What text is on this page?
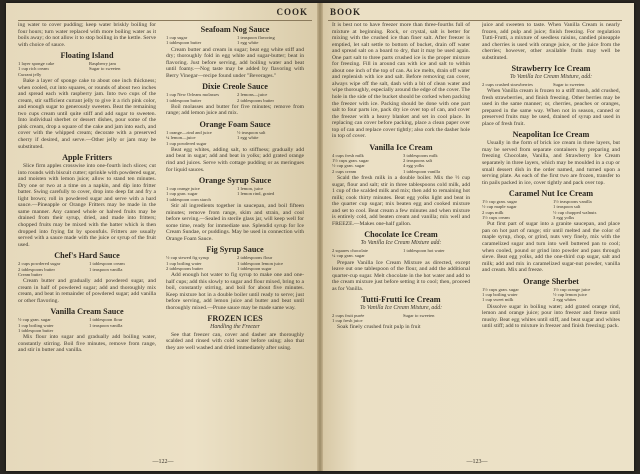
COOK

ing water to cover pudding; keep water briskly boiling for four hours; turn water replaced with more boiling water as it boils away; do not allow it to stop boiling in the kettle. Serve with choice of sauce.

Floating Island
1 layer sponge cake	Raspberry jam
1 cup rich cream	Sugar to sweeten
Currant jelly

Bake a layer of sponge cake to about one inch thickness; when cooled, cut into squares, or rounds of about two inches and spread each with raspberry jam. Into two cups of the cream, stir sufficient currant jelly to give it a rich pink color, and enough sugar to generously sweeten. Beat the remaining two cups cream until quite stiff and add sugar to sweeten. Into individual sherbet or dessert dishes, pour some of the pink cream, drop a square of the cake and jam into each, and cover with the whipped cream; decorate with a preserved cherry if desired, and serve.—Other jelly or jam may be substituted.

Apple Fritters

Slice firm apples crosswise into one-fourth inch slices; cut into rounds with biscuit cutter; sprinkle with powdered sugar, and moisten with lemon juice; allow to stand ten minutes. Dry one or two at a time on a napkin, and dip into fritter batter. Swing carefully to cover, drop into deep fat and fry a light brown; roll in powdered sugar and serve with a hard sauce.—Pineapple or Orange Fritters may be made in the same manner. Any canned whole or halved fruits may be drained from their syrup, dried, and made into fritters; chopped fruits may be mixed with the batter which is then dropped into frying fat by spoonfuls. Fritters are usually served with a sauce made with the juice or syrup of the fruit used.

Chef's Hard Sauce
2 cups powdered sugar	1 tablespoon cream
2 tablespoons butter	1 teaspoon vanilla
Cream butter

Cream butter and gradually add powdered sugar, and cream in half of powdered sugar; add and thoroughly mix cream, and beat in remainder of powdered sugar; add vanilla or other flavoring.

Vanilla Cream Sauce
½ cup gran. sugar	1 tablespoon flour
1 cup boiling water	1 teaspoon vanilla
1 tablespoon butter

Mix flour into sugar and gradually add boiling water, constantly stirring. Boil five minutes, remove from range, and stir in butter and vanilla.

Seafoam Nog Sauce
1 cup sugar	1 teaspoon flavoring
1 tablespoon butter	1 egg white

Cream butter and cream in sugar; beat egg white stiff and dry; thoroughly fold in egg white and sugar-butter; beat in flavoring. Just before serving, add boiling water and beat until foamy.—Nog taste may be added by flavoring with Berry Vinegar—recipe found under "Beverages."

Dixie Creole Sauce
1 cup New Orleans molasses	2 lemons—juice
1 tablespoon butter	2 tablespoons butter

Boil molasses and butter for five minutes; remove from range; add lemon juice and mix.

Orange Foam Sauce
1 orange—rind and juice	½ teaspoon salt
¼ lemon—juice	1 egg white
1 cup powdered sugar

Beat egg whites, adding salt, to stiffness; gradually add and beat in sugar; add and beat in yolks; add grated orange rind and juices. Serve with cottage pudding or as meringues for liquid sauces.

Orange Syrup Sauce
1 cup orange juice	1 lemon, juice
1 cup gran. sugar	1 lemon rind, grated
1 tablespoon corn starch

Stir all ingredients together in saucepan, and boil fifteen minutes; remove from range, skim and strain, and cool before serving.—Sealed in sterile glass jar, will keep well for some time, ready for immediate use. Splendid syrup for Ice Cream Sundae, or puddings. May be used in connection with Orange Foam Sauce.

Fig Syrup Sauce
½ cup stewed fig syrup	2 tablespoons flour
1 cup boiling water	1 tablespoon lemon juice
2 tablespoons butter	1 tablespoon sugar

Add enough hot water to fig syrup to make one and one-half cups; add this slowly to sugar and flour mixed, bring to a boil, constantly stirring, and boil for about five minutes. Keep mixture hot in a double boiler until ready to serve; just before serving, add lemon juice and butter and beat until thoroughly mixed.—Prune sauce may be made same way.

FROZEN ICES
Handling the Freezer

See that freezer can, cover and dasher are thoroughly scalded and rinsed with cold water before using; also that they are well washed and dried immediately after using.

—122—
BOOK

It is best not to have freezer more than three-fourths full of mixture at beginning. Rock, or crystal, salt is better for mixing with the crushed ice than finer salt. After freezer is emptied, let salt settle to bottom of bucket, drain off water and spread salt on a board to dry, that it may be used again. One part salt to three parts crushed ice is the proper mixture for freezing. Fill in around can with ice and salt to within about one inch of the top of can. As ice melts, drain off water and replenish with ice and salt. Before removing can cover, always wipe off the salt, dash with a bit of clean water and wipe thoroughly, especially around the edge of the cover. The hole in the side of the bucket should be corked when packing the freezer with ice. Packing should be done with one part salt to four parts ice, pack dry ice over top of can, and cover the freezer with a heavy blanket and set in cool place. In replacing can cover before packing, place a clean paper over top of can and replace cover tightly; also cork the dasher hole in top of cover.

Vanilla Ice Cream
4 cups fresh milk	3 tablespoons milk
1½ cups gran. sugar	2 teaspoons salt
½ cup gran. sugar	4 egg yolks
2 cups cream	1 tablespoon vanilla

Scald the fresh milk in a double boiler. Mix the ½ cup sugar, flour and salt; stir in three tablespoons cold milk, add 1 cup of the scalded milk and mix; then add to remaining hot milk; cook thirty minutes. Beat egg yolks light and beat in the quarter cup sugar; mix beaten egg and cooked mixture and set to cool. Beat cream a few minutes and when mixture is entirely cold, add beaten cream and vanilla; mix well and FREEZE.—Makes one-half gallon.

Chocolate Ice Cream
To Vanilla Ice Cream Mixture add:
2 squares chocolate	1 tablespoon hot water
¼ cup gran. sugar

Prepare Vanilla Ice Cream Mixture as directed, except leave out one tablespoon of the flour, and add the additional quarter-cup sugar. Melt chocolate in the hot water and add to the cream mixture just before setting it to cool; then, proceed as for Vanilla.

Tutti-Frutti Ice Cream
To Vanilla Ice Cream Mixture, add:
2 cups fruit purée	Sugar to sweeten
1 cup fresh juice

Soak finely crushed fruit pulp in fruit

juice and sweeten to taste. When Vanilla Cream is nearly frozen, add pulp and juice; finish freezing. For regulation Tutti-Frutti, a mixture of seedless raisins, candied pineapple and cherries is used with orange juice, or the juice from the cherries; however, other available fruits may well be substituted.

Strawberry Ice Cream
To Vanilla Ice Cream Mixture, add:
2 cups crushed strawberries	Sugar to sweeten

When Vanilla cream is frozen to a stiff mush, add crushed, fresh strawberries, and finish freezing. Other berries may be used in the same manner; or, cherries, peaches or oranges, prepared in the same way. When not in season, canned or preserved fruits may be used, drained of syrup and used in place of fresh fruit.

Neapolitan Ice Cream

Usually in the form of brick ice cream in three layers, but may be served from separate containers by preparing and freezing Chocolate, Vanilla, and Strawberry Ice Cream separately in three layers, which may be moulded in a cup or small dessert dish in the order named, and turned upon a serving plate. As each of the first two are frozen, transfer to tin pails packed in ice, cover tightly and pack over top.

Caramel Nut Ice Cream
1½ cup gran. sugar	1½ teaspoons vanilla
½ cup maple sugar	1 teaspoon salt
2 cups milk	½ cup chopped walnuts
1½ cups cream	3 egg yolks

Put first part of sugar into a granite saucepan, and place pan on hot part of range; stir until melted and the color of maple syrup, chop, or grind, nuts very finely, mix with the caramelized sugar and turn into well buttered pan to cool; when cooled, pound or grind into powder and pass through sieve. Beat egg yolks, add the one-third cup sugar, salt and milk; add and mix in caramelized sugar-nut powder, vanilla and cream. Mix and freeze.

Orange Sherbet
1½ cups gran. sugar	1½ cup orange juice
1 cup boiling water	½ cup lemon juice
1 cup sweet milk	2 egg whites

Dissolve sugar in boiling water; add grated orange rind, lemon and orange juice; pour into freezer and freeze until mushy. Beat egg whites until stiff, and beat sugar and whites until stiff; add to mixture in freezer and finish freezing; pack.

—123—
